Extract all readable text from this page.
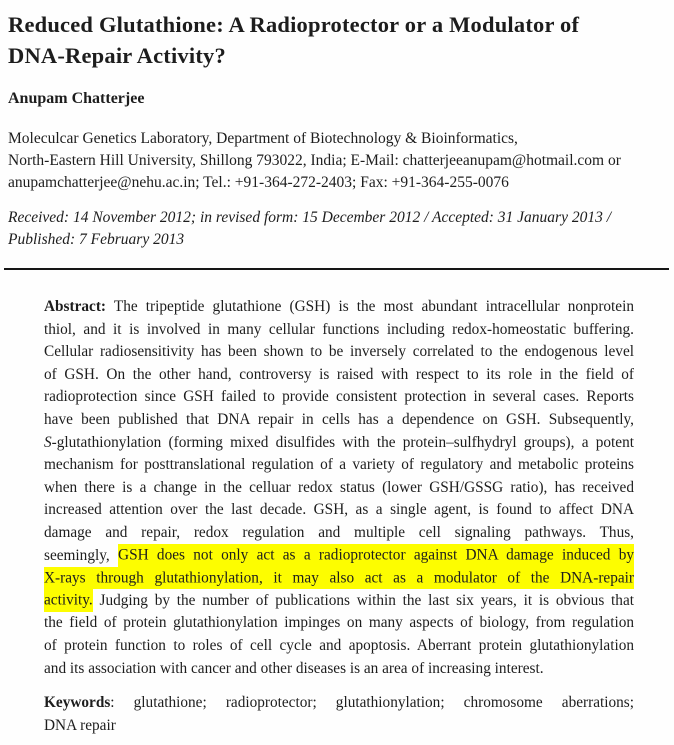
Reduced Glutathione: A Radioprotector or a Modulator of
DNA-Repair Activity?
Anupam Chatterjee
Moleculcar Genetics Laboratory, Department of Biotechnology & Bioinformatics,
North-Eastern Hill University, Shillong 793022, India; E-Mail: chatterjeeanupam@hotmail.com or
anupamchatterjee@nehu.ac.in; Tel.: +91-364-272-2403; Fax: +91-364-255-0076
Received: 14 November 2012; in revised form: 15 December 2012 / Accepted: 31 January 2013 /
Published: 7 February 2013
Abstract: The tripeptide glutathione (GSH) is the most abundant intracellular nonprotein
thiol, and it is involved in many cellular functions including redox-homeostatic buffering.
Cellular radiosensitivity has been shown to be inversely correlated to the endogenous level
of GSH. On the other hand, controversy is raised with respect to its role in the field of
radioprotection since GSH failed to provide consistent protection in several cases. Reports
have been published that DNA repair in cells has a dependence on GSH. Subsequently,
S-glutathionylation (forming mixed disulfides with the protein–sulfhydryl groups), a potent
mechanism for posttranslational regulation of a variety of regulatory and metabolic proteins
when there is a change in the celluar redox status (lower GSH/GSSG ratio), has received
increased attention over the last decade. GSH, as a single agent, is found to affect DNA
damage and repair, redox regulation and multiple cell signaling pathways. Thus,
seemingly, GSH does not only act as a radioprotector against DNA damage induced by
X-rays through glutathionylation, it may also act as a modulator of the DNA-repair
activity. Judging by the number of publications within the last six years, it is obvious that
the field of protein glutathionylation impinges on many aspects of biology, from regulation
of protein function to roles of cell cycle and apoptosis. Aberrant protein glutathionylation
and its association with cancer and other diseases is an area of increasing interest.
Keywords: glutathione; radioprotector; glutathionylation; chromosome aberrations;
DNA repair
